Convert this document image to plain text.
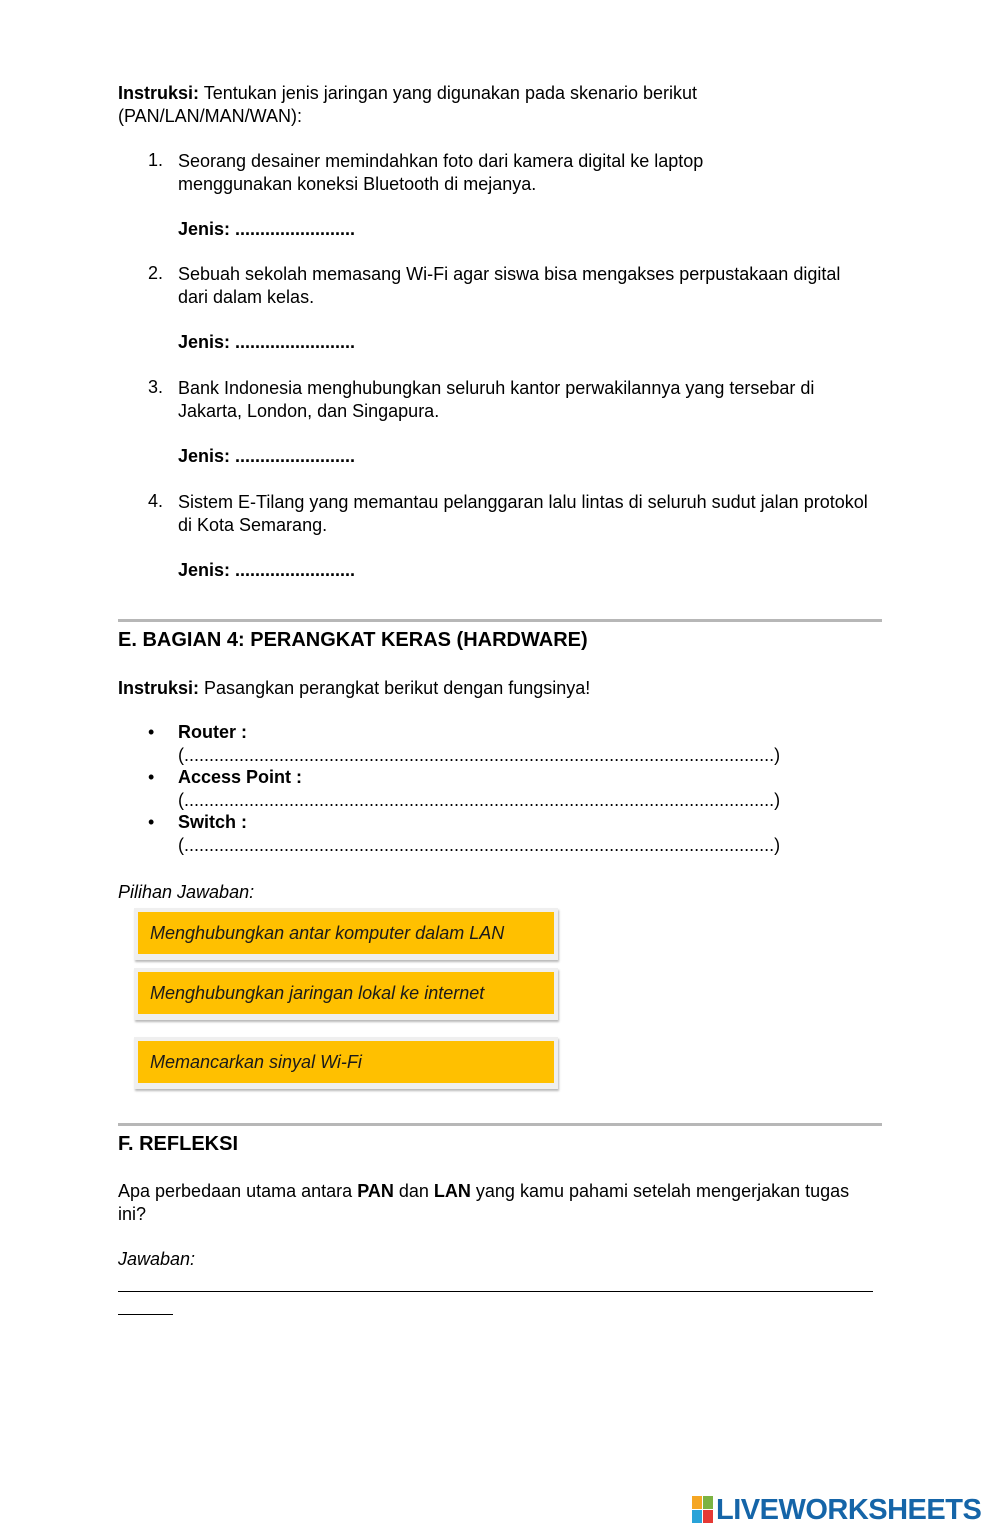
Instruksi: Tentukan jenis jaringan yang digunakan pada skenario berikut (PAN/LAN/MAN/WAN):
1. Seorang desainer memindahkan foto dari kamera digital ke laptop menggunakan koneksi Bluetooth di mejanya.
Jenis: ........................
2. Sebuah sekolah memasang Wi-Fi agar siswa bisa mengakses perpustakaan digital dari dalam kelas.
Jenis: ........................
3. Bank Indonesia menghubungkan seluruh kantor perwakilannya yang tersebar di Jakarta, London, dan Singapura.
Jenis: ........................
4. Sistem E-Tilang yang memantau pelanggaran lalu lintas di seluruh sudut jalan protokol di Kota Semarang.
Jenis: ........................
E. BAGIAN 4: PERANGKAT KERAS (HARDWARE)
Instruksi: Pasangkan perangkat berikut dengan fungsinya!
• Router :
(......................................................................................................................)
• Access Point :
(......................................................................................................................)
• Switch :
(......................................................................................................................)
Pilihan Jawaban:
Menghubungkan antar komputer dalam LAN
Menghubungkan jaringan lokal ke internet
Memancarkan sinyal Wi-Fi
F. REFLEKSI
Apa perbedaan utama antara PAN dan LAN yang kamu pahami setelah mengerjakan tugas ini?
Jawaban:
LIVEWORKSHEETS
